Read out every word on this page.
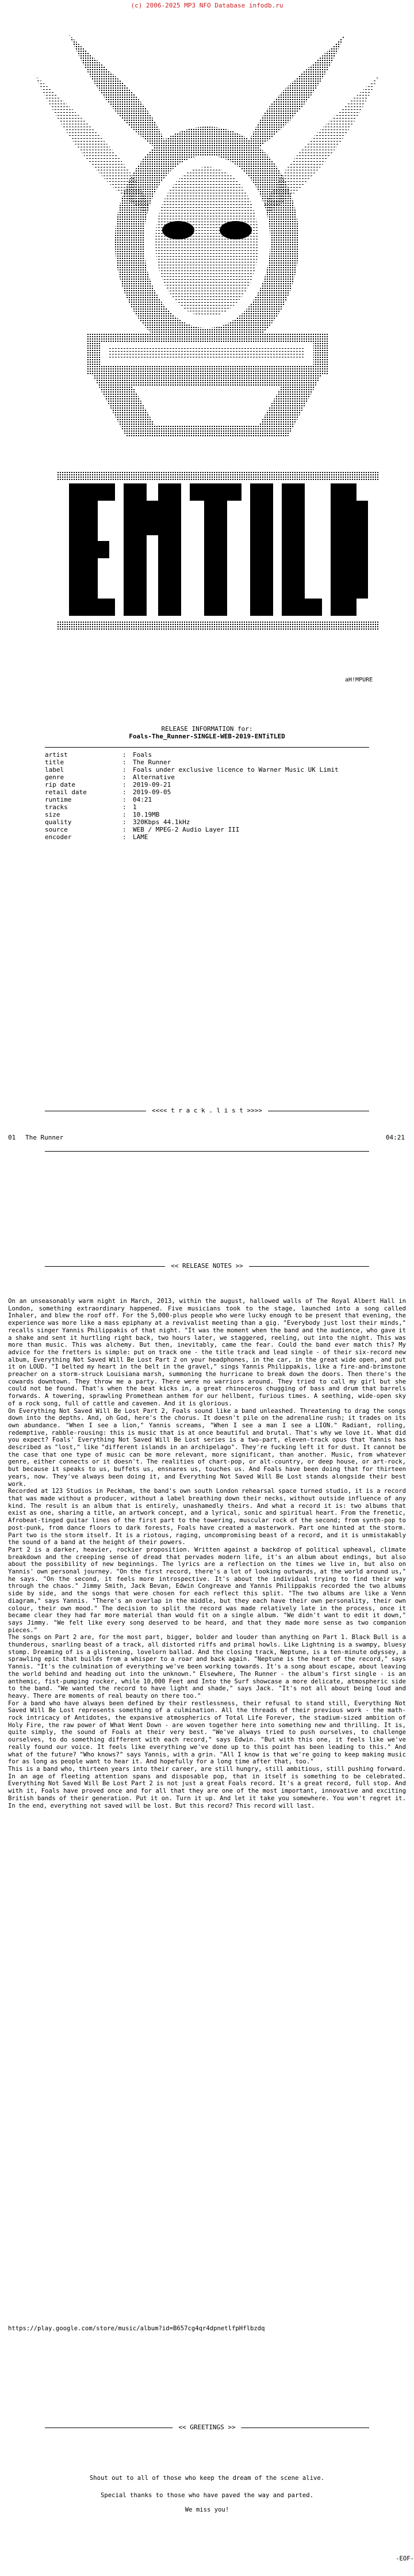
(c) 2006-2025 MP3 NFO Database infodb.ru
aH!MPURE
RELEASE INFORMATION for:
Foals-The_Runner-SINGLE-WEB-2019-ENTiTLED
artist	:	Foals
title	:	The Runner
label	:	Foals under exclusive licence to Warner Music UK Limit
genre	:	Alternative
rip date	:	2019-09-21
retail date	:	2019-09-05
runtime	:	04:21
tracks	:	1
size	:	10.19MB
quality	:	320Kbps 44.1kHz
source	:	WEB / MPEG-2 Audio Layer III
encoder	:	LAME
<<<< t r a c k . l i s t >>>>
01	The Runner	04:21
<< RELEASE NOTES >>

On an unseasonably warm night in March, 2013, within the august, hallowed walls of The Royal Albert Hall in London, something extraordinary happened. Five musicians took to the stage, launched into a song called Inhaler, and blew the roof off. For the 5,000-plus people who were lucky enough to be present that evening, the experience was more like a mass epiphany at a revivalist meeting than a gig. "Everybody just lost their minds," recalls singer Yannis Philippakis of that night. "It was the moment when the band and the audience, who gave it a shake and sent it hurtling right back, two hours later, we staggered, reeling, out into the night. This was more than music. This was alchemy. But then, inevitably, came the fear. Could the band ever match this? My advice for the fretters is simple: put on track one - the title track and lead single - of their six-record new album, Everything Not Saved Will Be Lost Part 2 on your headphones, in the car, in the great wide open, and put it on LOUD. "I belted my heart in the belt in the gravel," sings Yannis Philippakis, like a fire-and-brimstone preacher on a storm-struck Louisiana marsh, summoning the hurricane to break down the doors. Then there's the cowards downtown. They throw me a party. There were no warriors around. They tried to call my girl but she could not be found. That's when the beat kicks in, a great rhinoceros chugging of bass and drum that barrels forwards. A towering, sprawling Promethean anthem for our hellbent, furious times. A seething, wide-open sky of a rock song, full of cattle and cavemen. And it is glorious.

On Everything Not Saved Will Be Lost Part 2, Foals sound like a band unleashed. Threatening to drag the songs down into the depths. And, oh God, here's the chorus. It doesn't pile on the adrenaline rush; it trades on its own abundance. "When I see a lion," Yannis screams, "When I see a man I see a LION." Radiant, rolling, redemptive, rabble-rousing: this is music that is at once beautiful and brutal. That's why we love it. What did you expect? Foals' Everything Not Saved Will Be Lost series is a two-part, eleven-track opus that Yannis has described as "lost," like "different islands in an archipelago". They're fucking left it for dust. It cannot be the case that one type of music can be more relevant, more significant, than another. Music, from whatever genre, either connects or it doesn't. The realities of chart-pop, or alt-country, or deep house, or art-rock, but because it speaks to us, buffets us, ensnares us, touches us. And Foals have been doing that for thirteen years, now. They've always been doing it, and Everything Not Saved Will Be Lost stands alongside their best work.

Recorded at 123 Studios in Peckham, the band's own south London rehearsal space turned studio, it is a record that was made without a producer, without a label breathing down their necks, without outside influence of any kind. The result is an album that is entirely, unashamedly theirs. And what a record it is: two albums that exist as one, sharing a title, an artwork concept, and a lyrical, sonic and spiritual heart. From the frenetic, Afrobeat-tinged guitar lines of the first part to the towering, muscular rock of the second; from synth-pop to post-punk, from dance floors to dark forests, Foals have created a masterwork. Part one hinted at the storm. Part two is the storm itself. It is a riotous, raging, uncompromising beast of a record, and it is unmistakably the sound of a band at the height of their powers.

Part 2 is a darker, heavier, rockier proposition. Written against a backdrop of political upheaval, climate breakdown and the creeping sense of dread that pervades modern life, it's an album about endings, but also about the possibility of new beginnings. The lyrics are a reflection on the times we live in, but also on Yannis' own personal journey. "On the first record, there's a lot of looking outwards, at the world around us," he says. "On the second, it feels more introspective. It's about the individual trying to find their way through the chaos." Jimmy Smith, Jack Bevan, Edwin Congreave and Yannis Philippakis recorded the two albums side by side, and the songs that were chosen for each reflect this split. "The two albums are like a Venn diagram," says Yannis. "There's an overlap in the middle, but they each have their own personality, their own colour, their own mood." The decision to split the record was made relatively late in the process, once it became clear they had far more material than would fit on a single album. "We didn't want to edit it down," says Jimmy. "We felt like every song deserved to be heard, and that they made more sense as two companion pieces."

The songs on Part 2 are, for the most part, bigger, bolder and louder than anything on Part 1. Black Bull is a thunderous, snarling beast of a track, all distorted riffs and primal howls. Like Lightning is a swampy, bluesy stomp. Dreaming of is a glistening, lovelorn ballad. And the closing track, Neptune, is a ten-minute odyssey, a sprawling epic that builds from a whisper to a roar and back again. "Neptune is the heart of the record," says Yannis. "It's the culmination of everything we've been working towards. It's a song about escape, about leaving the world behind and heading out into the unknown." Elsewhere, The Runner - the album's first single - is an anthemic, fist-pumping rocker, while 10,000 Feet and Into the Surf showcase a more delicate, atmospheric side to the band. "We wanted the record to have light and shade," says Jack. "It's not all about being loud and heavy. There are moments of real beauty on there too."

For a band who have always been defined by their restlessness, their refusal to stand still, Everything Not Saved Will Be Lost represents something of a culmination. All the threads of their previous work - the math-rock intricacy of Antidotes, the expansive atmospherics of Total Life Forever, the stadium-sized ambition of Holy Fire, the raw power of What Went Down - are woven together here into something new and thrilling. It is, quite simply, the sound of Foals at their very best. "We've always tried to push ourselves, to challenge ourselves, to do something different with each record," says Edwin. "But with this one, it feels like we've really found our voice. It feels like everything we've done up to this point has been leading to this." And what of the future? "Who knows?" says Yannis, with a grin. "All I know is that we're going to keep making music for as long as people want to hear it. And hopefully for a long time after that, too."

This is a band who, thirteen years into their career, are still hungry, still ambitious, still pushing forward. In an age of fleeting attention spans and disposable pop, that in itself is something to be celebrated. Everything Not Saved Will Be Lost Part 2 is not just a great Foals record. It's a great record, full stop. And with it, Foals have proved once and for all that they are one of the most important, innovative and exciting British bands of their generation. Put it on. Turn it up. And let it take you somewhere. You won't regret it. In the end, everything not saved will be lost. But this record? This record will last.

https://play.google.com/store/music/album?id=B657cg4qr4dpnetlfpHflbzdq
<< GREETINGS >>
Shout out to all of those who keep the dream of the scene alive.
Special thanks to those who have paved the way and parted.
We miss you!
-EOF-
